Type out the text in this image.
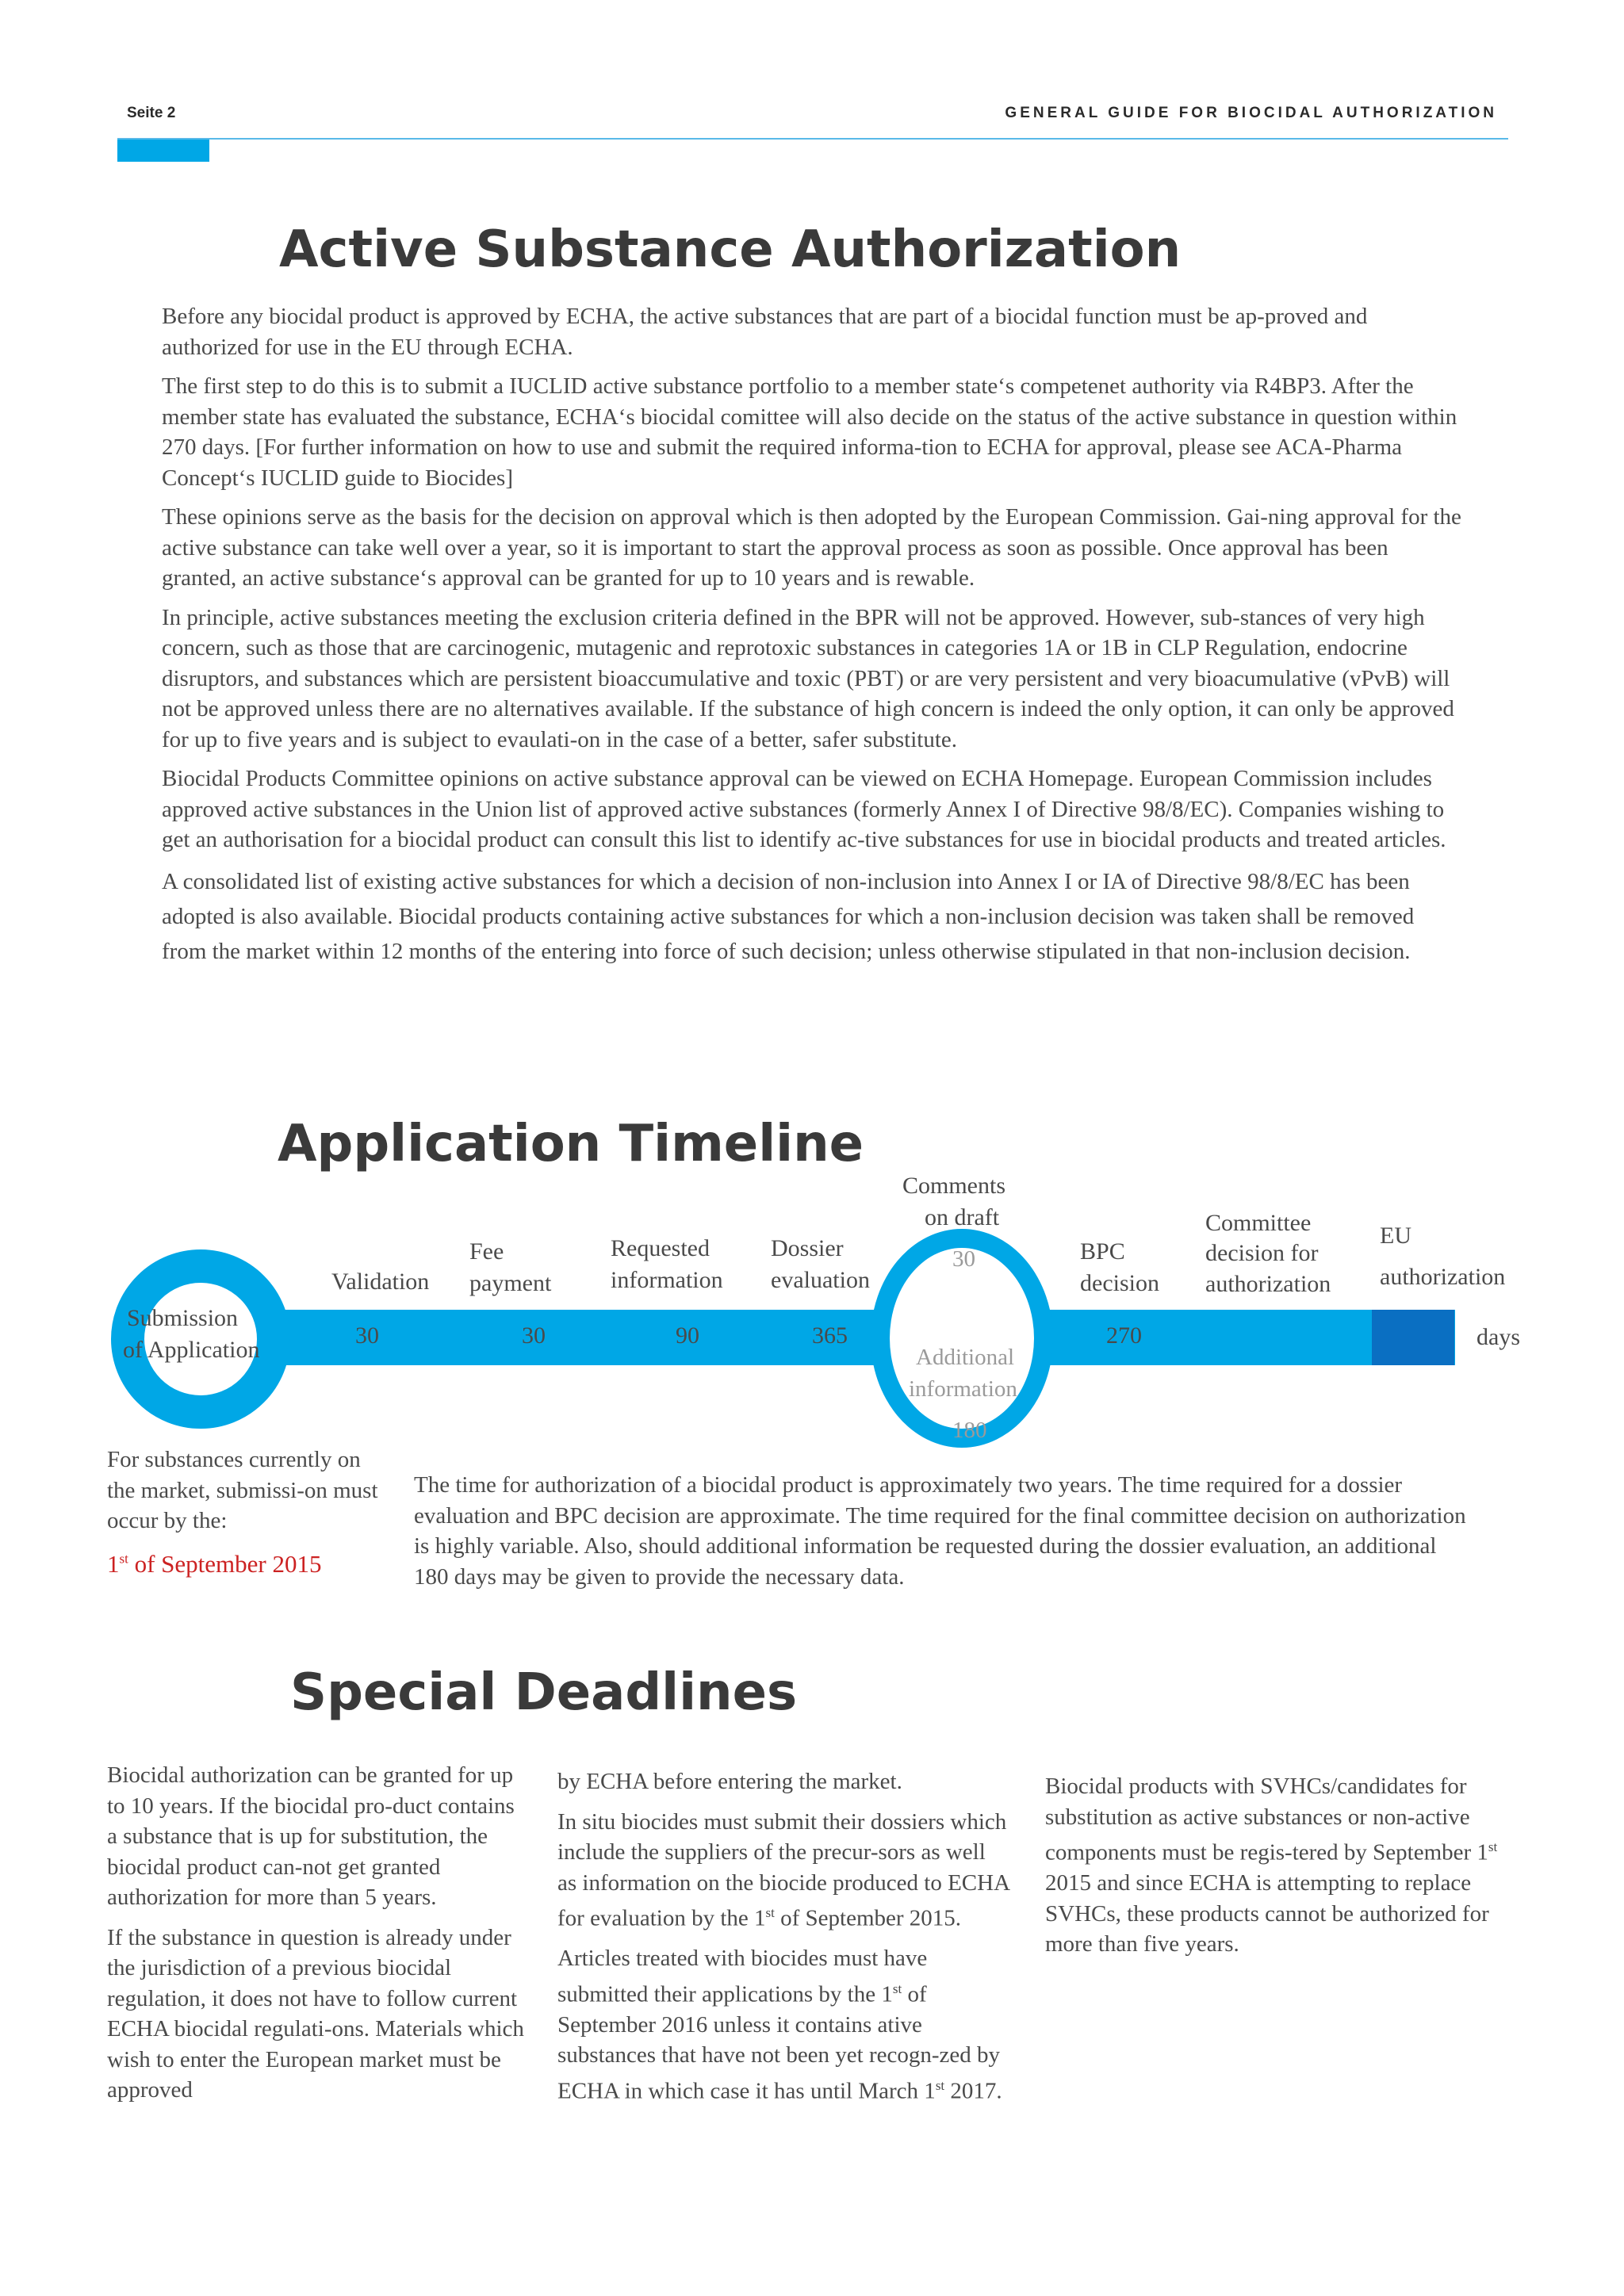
Seite 2	GENERAL GUIDE FOR BIOCIDAL AUTHORIZATION
Active Substance Authorization

Before any biocidal product is approved by ECHA, the active substances that are part of a biocidal function must be ap-proved and authorized for use in the EU through ECHA.

The first step to do this is to submit a IUCLID active substance portfolio to a member state‘s competenet authority via R4BP3. After the member state has evaluated the substance, ECHA‘s biocidal comittee will also decide on the status of the active substance in question within 270 days. [For further information on how to use and submit the required informa-tion to ECHA for approval, please see ACA-Pharma Concept‘s IUCLID guide to Biocides]

These opinions serve as the basis for the decision on approval which is then adopted by the European Commission. Gai-ning approval for the active substance can take well over a year, so it is important to start the approval process as soon as possible. Once approval has been granted, an active substance‘s approval can be granted for up to 10 years and is rewable.

In principle, active substances meeting the exclusion criteria defined in the BPR will not be approved. However, sub-stances of very high concern, such as those that are carcinogenic, mutagenic and reprotoxic substances in categories 1A or 1B in CLP Regulation, endocrine disruptors, and substances which are persistent bioaccumulative and toxic (PBT) or are very persistent and very bioacumulative (vPvB) will not be approved unless there are no alternatives available. If the substance of high concern is indeed the only option, it can only be approved for up to five years and is subject to evaulati-on in the case of a better, safer substitute.

Biocidal Products Committee opinions on active substance approval can be viewed on ECHA Homepage. European Commission includes approved active substances in the Union list of approved active substances (formerly Annex I of Directive 98/8/EC). Companies wishing to get an authorisation for a biocidal product can consult this list to identify ac-tive substances for use in biocidal products and treated articles.

A consolidated list of existing active substances for which a decision of non-inclusion into Annex I or IA of Directive 98/8/EC has been adopted is also available. Biocidal products containing active substances for which a non-inclusion decision was taken shall be removed from the market within 12 months of the entering into force of such decision; unless otherwise stipulated in that non-inclusion decision.

Application Timeline
Submission
of Application
Validation
Fee
payment
Requested
information
Dossier
evaluation
Comments
on draft
BPC
decision
Committee
decision for
authorization
EU
authorization
30	30	90	365	270	days
30
Additional
information
180
For substances currently on the market, submissi-on must occur by the:
1st of September 2015
The time for authorization of a biocidal product is approximately two years. The time required for a dossier evaluation and BPC decision are approximate. The time required for the final committee decision on authorization is highly variable. Also, should additional information be requested during the dossier evaluation, an additional 180 days may be given to provide the necessary data.
Special Deadlines

Biocidal authorization can be granted for up to 10 years. If the biocidal pro-duct contains a substance that is up for substitution, the biocidal product can-not get granted authorization for more than 5 years.

If the substance in question is already under the jurisdiction of a previous biocidal regulation, it does not have to follow current ECHA biocidal regulati-ons. Materials which wish to enter the European market must be approved

by ECHA before entering the market.

In situ biocides must submit their dossiers which include the suppliers of the precur-sors as well as information on the biocide produced to ECHA for evaluation by the 1st of September 2015.

Articles treated with biocides must have submitted their applications by the 1st of September 2016 unless it contains ative substances that have not been yet recogn-zed by ECHA in which case it has until March 1st 2017.

Biocidal products with SVHCs/candidates for substitution as active substances or non-active components must be regis-tered by September 1st 2015 and since ECHA is attempting to replace SVHCs, these products cannot be authorized for more than five years.
